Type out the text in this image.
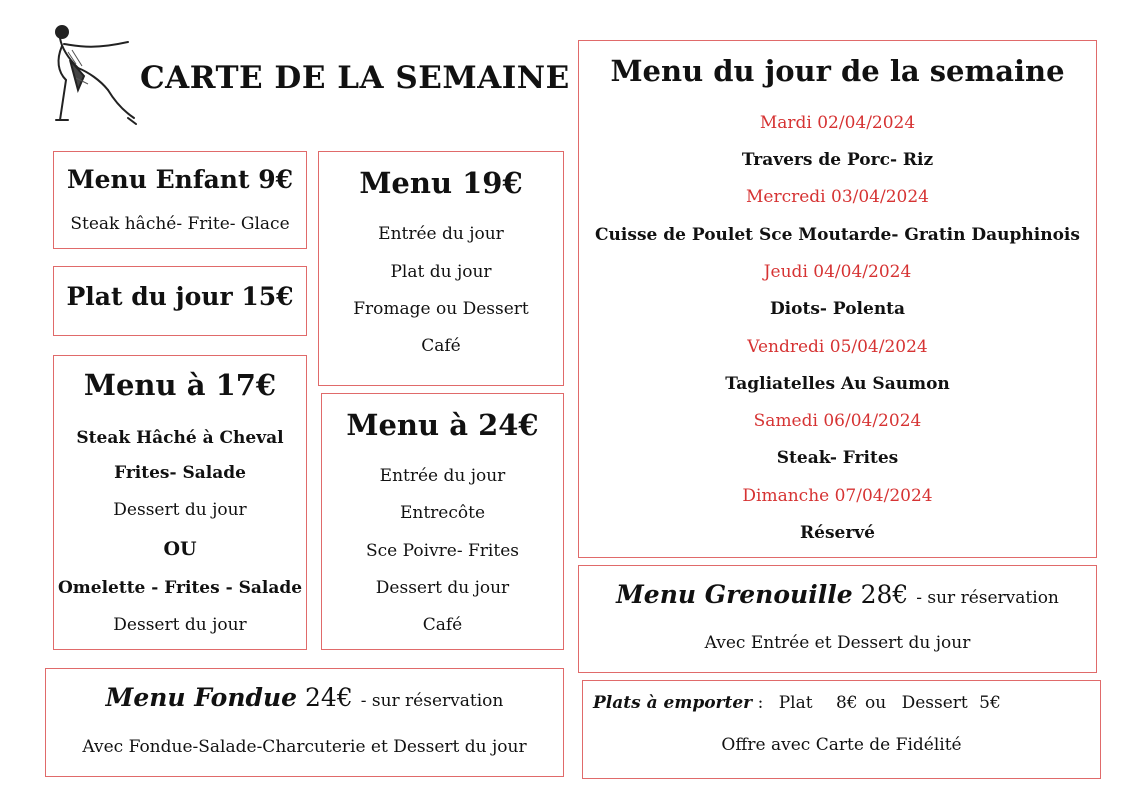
CARTE DE LA SEMAINE
Menu Enfant 9€
Steak hâché- Frite- Glace
Plat du jour 15€
Menu à 17€
Steak Hâché à Cheval
Frites- Salade
Dessert du jour
OU
Omelette - Frites - Salade
Dessert du jour
Menu 19€
Entrée du jour
Plat du jour
Fromage ou Dessert
Café
Menu à 24€
Entrée du jour
Entrecôte
Sce Poivre- Frites
Dessert du jour
Café
Menu du jour de la semaine
Mardi 02/04/2024
Travers de Porc- Riz
Mercredi 03/04/2024
Cuisse de Poulet Sce Moutarde- Gratin Dauphinois
Jeudi 04/04/2024
Diots- Polenta
Vendredi 05/04/2024
Tagliatelles Au Saumon
Samedi 06/04/2024
Steak- Frites
Dimanche 07/04/2024
Réservé
Menu Grenouille 28€ - sur réservation
Avec Entrée et Dessert du jour
Menu Fondue 24€ - sur réservation
Avec Fondue-Salade-Charcuterie et Dessert du jour
Plats à emporter : Plat 8€ ou Dessert 5€
Offre avec Carte de Fidélité
